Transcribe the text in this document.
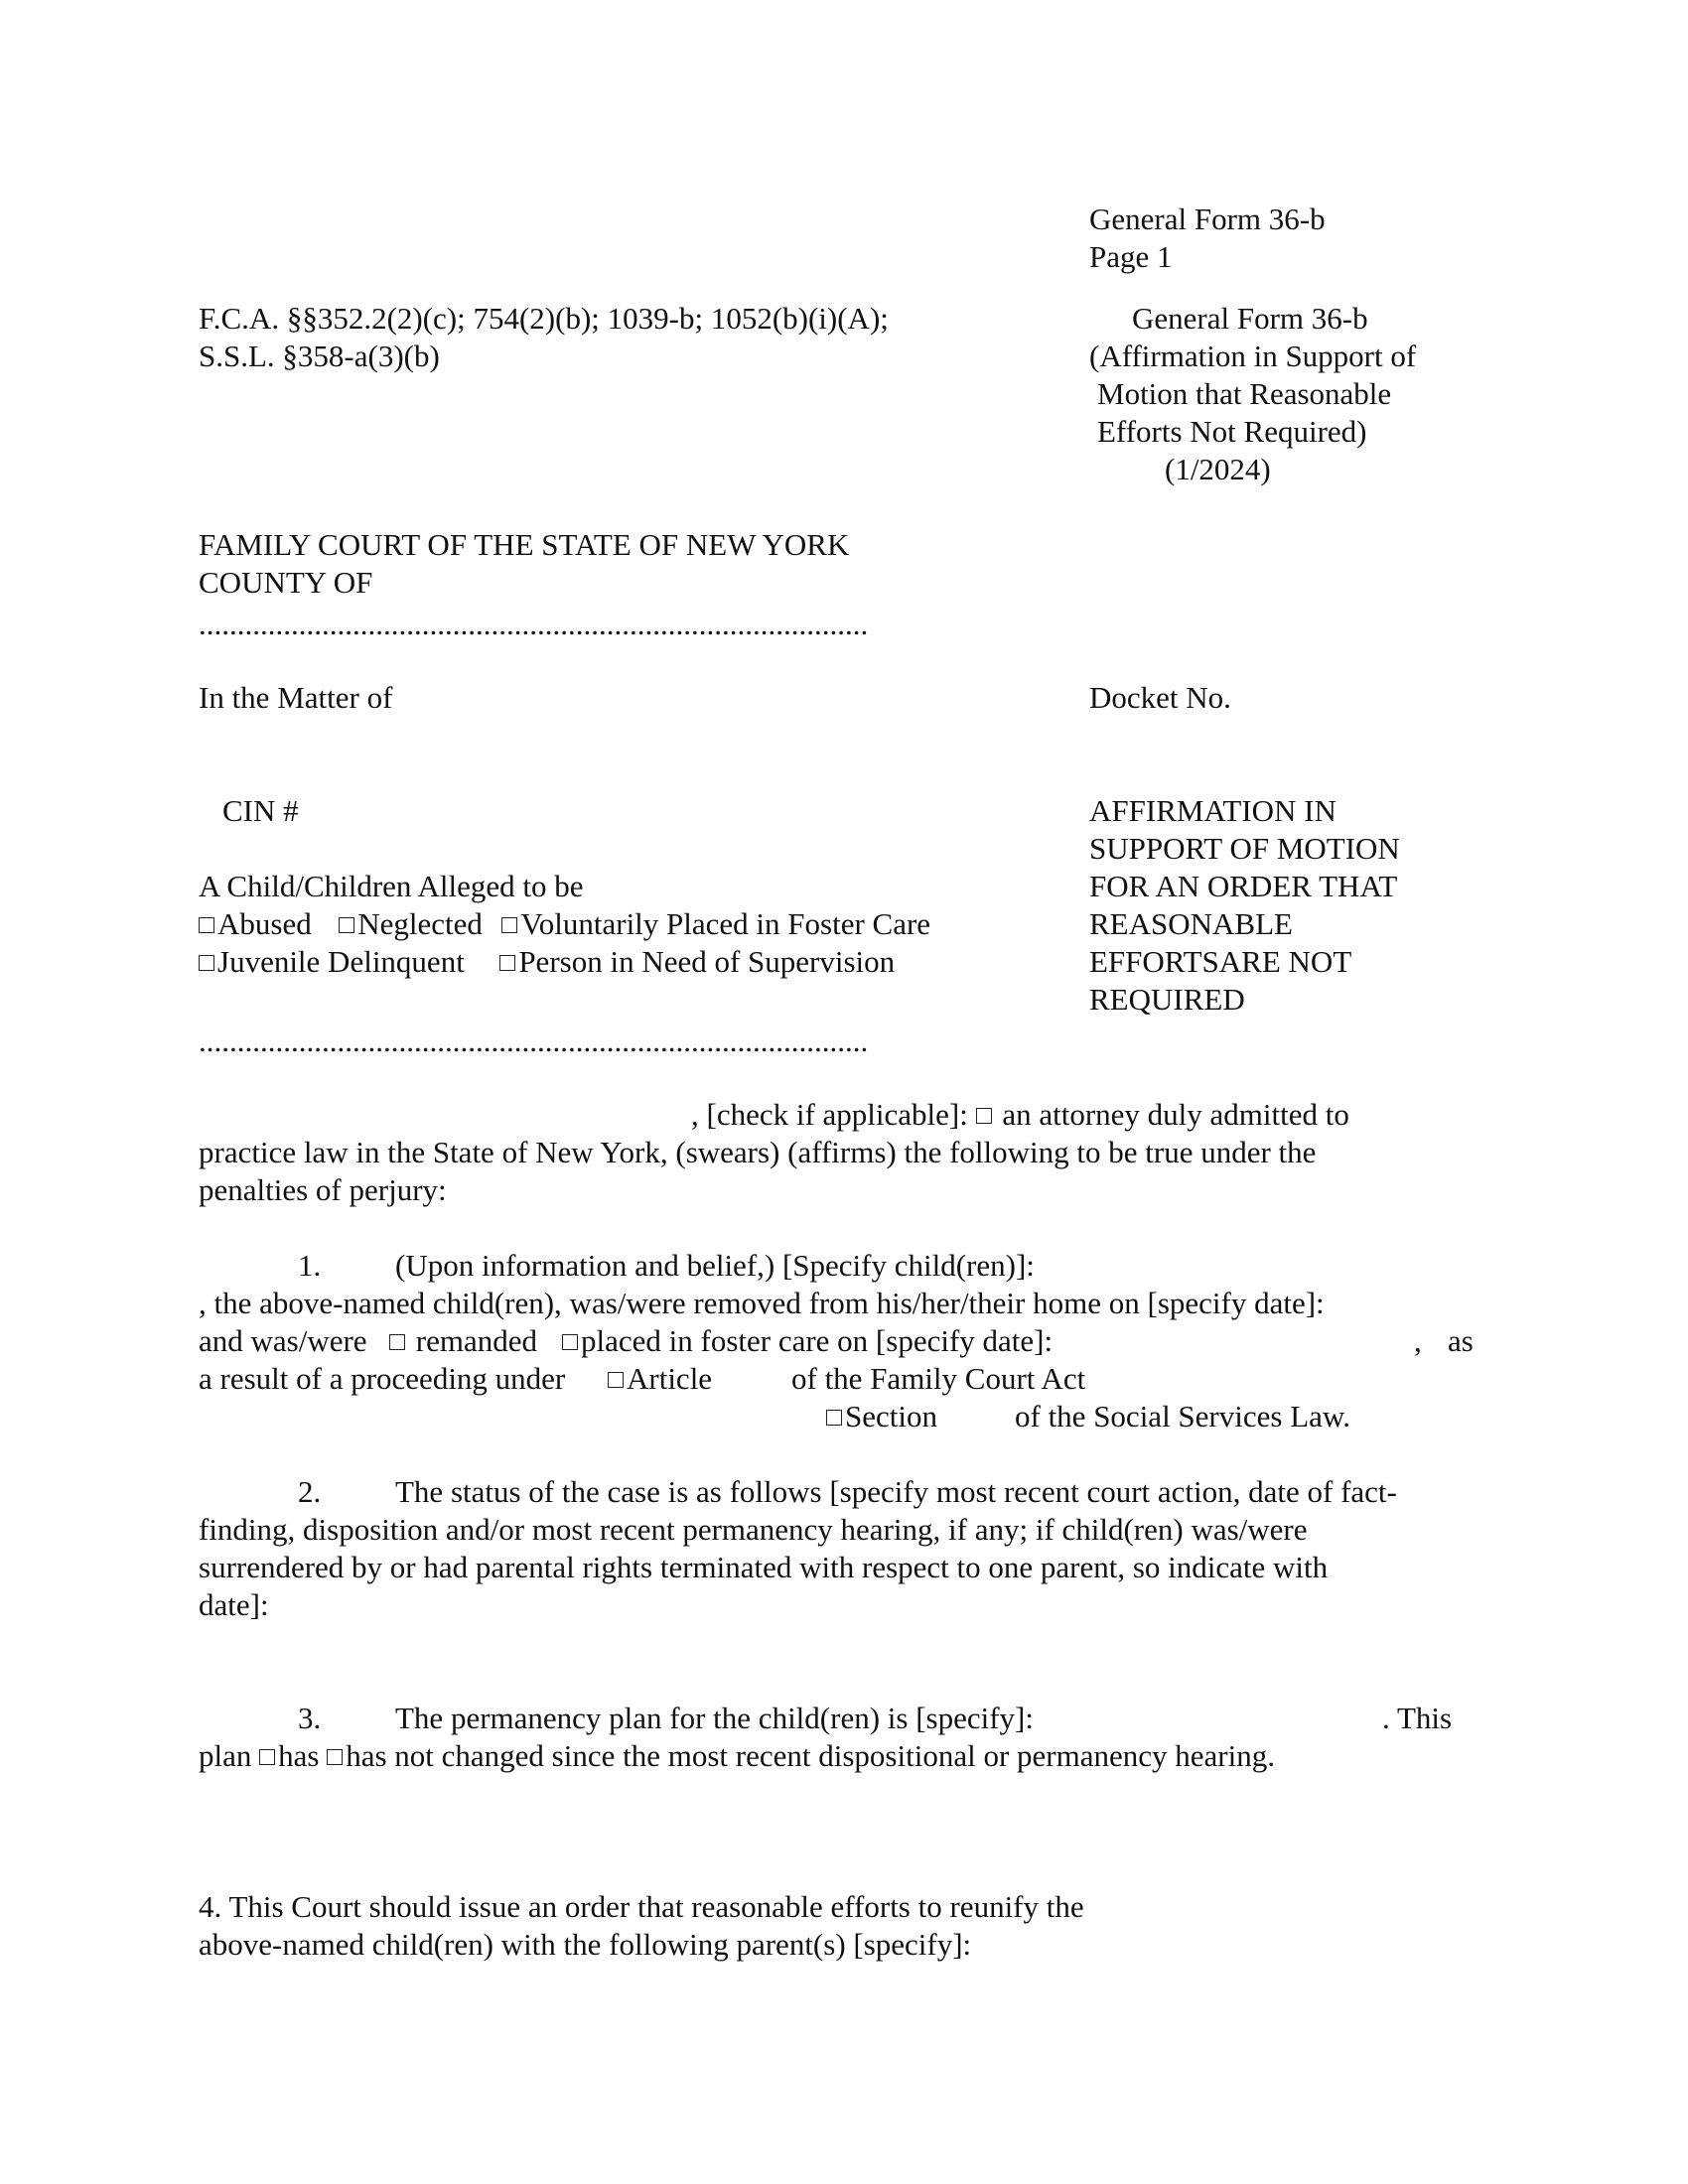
General Form 36-b
Page 1
F.C.A. §§352.2(2)(c); 754(2)(b); 1039-b; 1052(b)(i)(A);
S.S.L. §358-a(3)(b)
General Form 36-b
(Affirmation in Support of
Motion that Reasonable
Efforts Not Required)
(1/2024)
FAMILY COURT OF THE STATE OF NEW YORK
COUNTY OF
.......................................................................................
In the Matter of	Docket No.
CIN #
A Child/Children Alleged to be
Abused Neglected Voluntarily Placed in Foster Care
Juvenile Delinquent Person in Need of Supervision
.......................................................................................
AFFIRMATION IN
SUPPORT OF MOTION
FOR AN ORDER THAT
REASONABLE
EFFORTSARE NOT
REQUIRED
, [check if applicable]: an attorney duly admitted to
practice law in the State of New York, (swears) (affirms) the following to be true under the
penalties of perjury:
1. (Upon information and belief,) [Specify child(ren)]:
, the above-named child(ren), was/were removed from his/her/their home on [specify date]:
and was/were	remanded	placed in foster care on [specify date]:	, as
a result of a proceeding under	Article	of the Family Court Act
Section	of the Social Services Law.
2. The status of the case is as follows [specify most recent court action, date of fact-
finding, disposition and/or most recent permanency hearing, if any; if child(ren) was/were
surrendered by or had parental rights terminated with respect to one parent, so indicate with
date]:
3. The permanency plan for the child(ren) is [specify]:	. This
plan has has not changed since the most recent dispositional or permanency hearing.
4. This Court should issue an order that reasonable efforts to reunify the
above-named child(ren) with the following parent(s) [specify]:
